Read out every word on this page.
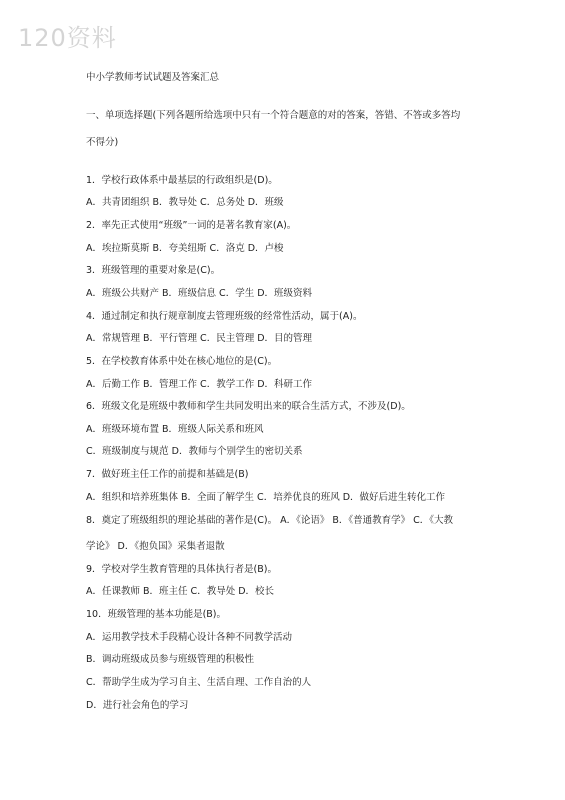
120资料
中小学教师考试试题及答案汇总
一、单项选择题(下列各题所给选项中只有一个符合题意的对的答案，答错、不答或多答均
不得分)
1．学校行政体系中最基层的行政组织是(D)。
A．共青团组织 B．教导处 C．总务处 D．班级
2．率先正式使用“班级”一词的是著名教育家(A)。
A．埃拉斯莫斯 B．夸美纽斯 C．洛克 D．卢梭
3．班级管理的重要对象是(C)。
A．班级公共财产 B．班级信息 C．学生 D．班级资料
4．通过制定和执行规章制度去管理班级的经常性活动，属于(A)。
A．常规管理 B．平行管理 C．民主管理 D．目的管理
5．在学校教育体系中处在核心地位的是(C)。
A．后勤工作 B．管理工作 C．教学工作 D．科研工作
6．班级文化是班级中教师和学生共同发明出来的联合生活方式，不涉及(D)。
A．班级环境布置 B．班级人际关系和班风
C．班级制度与规范 D．教师与个别学生的密切关系
7．做好班主任工作的前提和基础是(B)
A．组织和培养班集体 B．全面了解学生 C．培养优良的班风 D．做好后进生转化工作
8．奠定了班级组织的理论基础的著作是(C)。 A．《论语》 B．《普通教育学》 C．《大教
学论》 D．《抱负国》采集者退散
9．学校对学生教育管理的具体执行者是(B)。
A．任课教师 B．班主任 C．教导处 D．校长
10．班级管理的基本功能是(B)。
A．运用教学技术手段精心设计各种不同教学活动
B．调动班级成员参与班级管理的积极性
C．帮助学生成为学习自主、生活自理、工作自治的人
D．进行社会角色的学习
